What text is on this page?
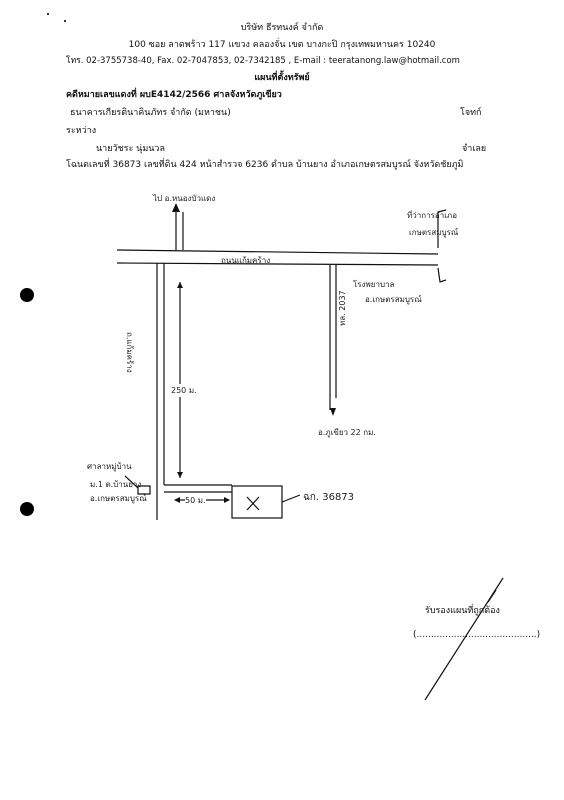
บริษัท ธีรทนงค์ จำกัด
100 ซอย ลาดพร้าว 117 แขวง คลองจั่น เขต บางกะปิ กรุงเทพมหานคร 10240
โทร. 02-3755738-40, Fax. 02-7047853, 02-7342185 , E-mail : teeratanong.law@hotmail.com
แผนที่ตั้งทรัพย์
คดีหมายเลขแดงที่ ผบE4142/2566 ศาลจังหวัดภูเขียว
ธนาคารเกียรตินาคินภัทร จำกัด (มหาชน)	โจทก์
ระหว่าง
นายวัชระ นุ่มนวล	จำเลย
โฉนดเลขที่ 36873 เลขที่ดิน 424 หน้าสำรวจ 6236 ตำบล บ้านยาง อำเภอเกษตรสมบูรณ์ จังหวัดชัยภูมิ
ไป อ.หนองบัวแดง
ที่ว่าการอำเภอ
เกษตรสมบูรณ์
ถนนแก้มคร้าง
โรงพยาบาล
อ.เกษตรสมบูรณ์
ถ.แก้มคร้าง
250 ม.
ทล. 2037
อ.ภูเขียว 22 กม.
ศาลาหมู่บ้าน
ม.1 ต.บ้านยาง
อ.เกษตรสมบูรณ์	50 ม.	ฉก. 36873
รับรองแผนที่ถูกต้อง
(..........................................)
